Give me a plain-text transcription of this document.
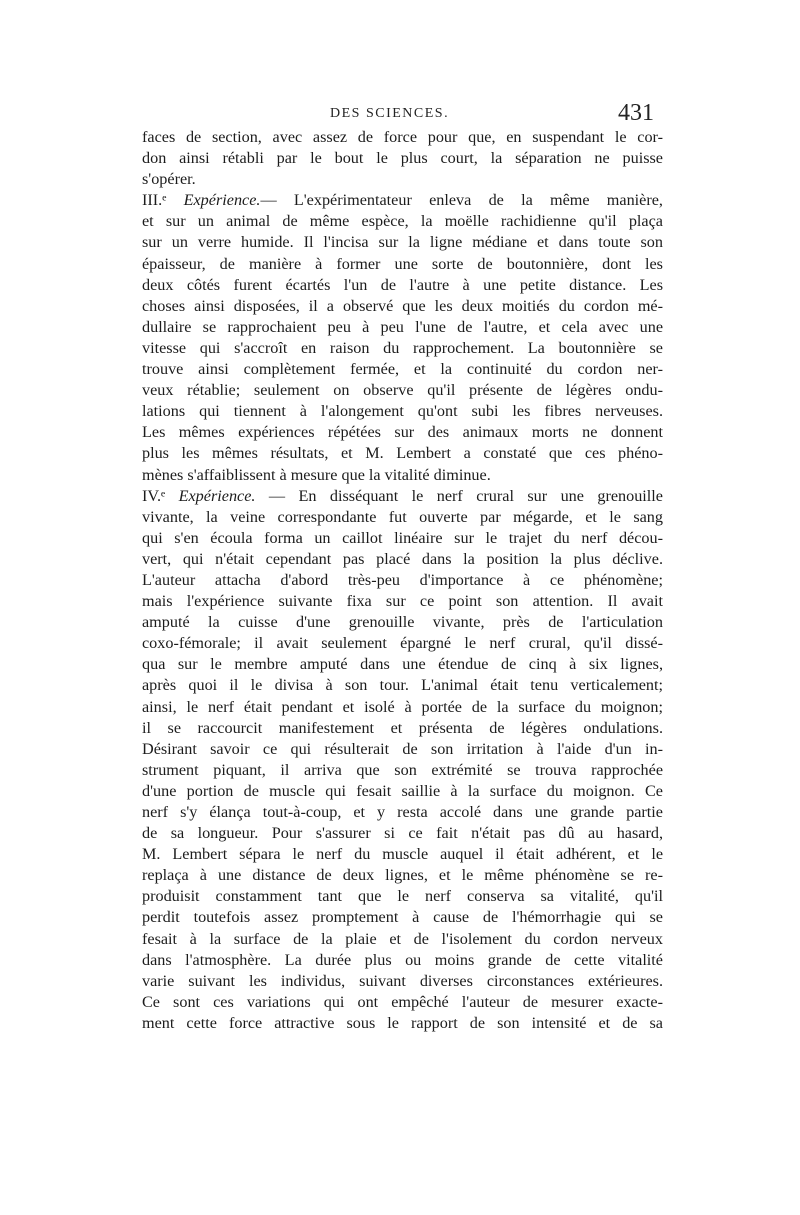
DES SCIENCES.	431
faces de section, avec assez de force pour que, en suspendant le cor-
don ainsi rétabli par le bout le plus court, la séparation ne puisse
s'opérer.
III.ᵉ Expérience.— L'expérimentateur enleva de la même manière,
et sur un animal de même espèce, la moëlle rachidienne qu'il plaça
sur un verre humide. Il l'incisa sur la ligne médiane et dans toute son
épaisseur, de manière à former une sorte de boutonnière, dont les
deux côtés furent écartés l'un de l'autre à une petite distance. Les
choses ainsi disposées, il a observé que les deux moitiés du cordon mé-
dullaire se rapprochaient peu à peu l'une de l'autre, et cela avec une
vitesse qui s'accroît en raison du rapprochement. La boutonnière se
trouve ainsi complètement fermée, et la continuité du cordon ner-
veux rétablie; seulement on observe qu'il présente de légères ondu-
lations qui tiennent à l'alongement qu'ont subi les fibres nerveuses.
Les mêmes expériences répétées sur des animaux morts ne donnent
plus les mêmes résultats, et M. Lembert a constaté que ces phéno-
mènes s'affaiblissent à mesure que la vitalité diminue.
IV.ᵉ Expérience. — En disséquant le nerf crural sur une grenouille
vivante, la veine correspondante fut ouverte par mégarde, et le sang
qui s'en écoula forma un caillot linéaire sur le trajet du nerf décou-
vert, qui n'était cependant pas placé dans la position la plus déclive.
L'auteur attacha d'abord très-peu d'importance à ce phénomène;
mais l'expérience suivante fixa sur ce point son attention. Il avait
amputé la cuisse d'une grenouille vivante, près de l'articulation
coxo-fémorale; il avait seulement épargné le nerf crural, qu'il dissé-
qua sur le membre amputé dans une étendue de cinq à six lignes,
après quoi il le divisa à son tour. L'animal était tenu verticalement;
ainsi, le nerf était pendant et isolé à portée de la surface du moignon;
il se raccourcit manifestement et présenta de légères ondulations.
Désirant savoir ce qui résulterait de son irritation à l'aide d'un in-
strument piquant, il arriva que son extrémité se trouva rapprochée
d'une portion de muscle qui fesait saillie à la surface du moignon. Ce
nerf s'y élança tout-à-coup, et y resta accolé dans une grande partie
de sa longueur. Pour s'assurer si ce fait n'était pas dû au hasard,
M. Lembert sépara le nerf du muscle auquel il était adhérent, et le
replaça à une distance de deux lignes, et le même phénomène se re-
produisit constamment tant que le nerf conserva sa vitalité, qu'il
perdit toutefois assez promptement à cause de l'hémorrhagie qui se
fesait à la surface de la plaie et de l'isolement du cordon nerveux
dans l'atmosphère. La durée plus ou moins grande de cette vitalité
varie suivant les individus, suivant diverses circonstances extérieures.
Ce sont ces variations qui ont empêché l'auteur de mesurer exacte-
ment cette force attractive sous le rapport de son intensité et de sa
